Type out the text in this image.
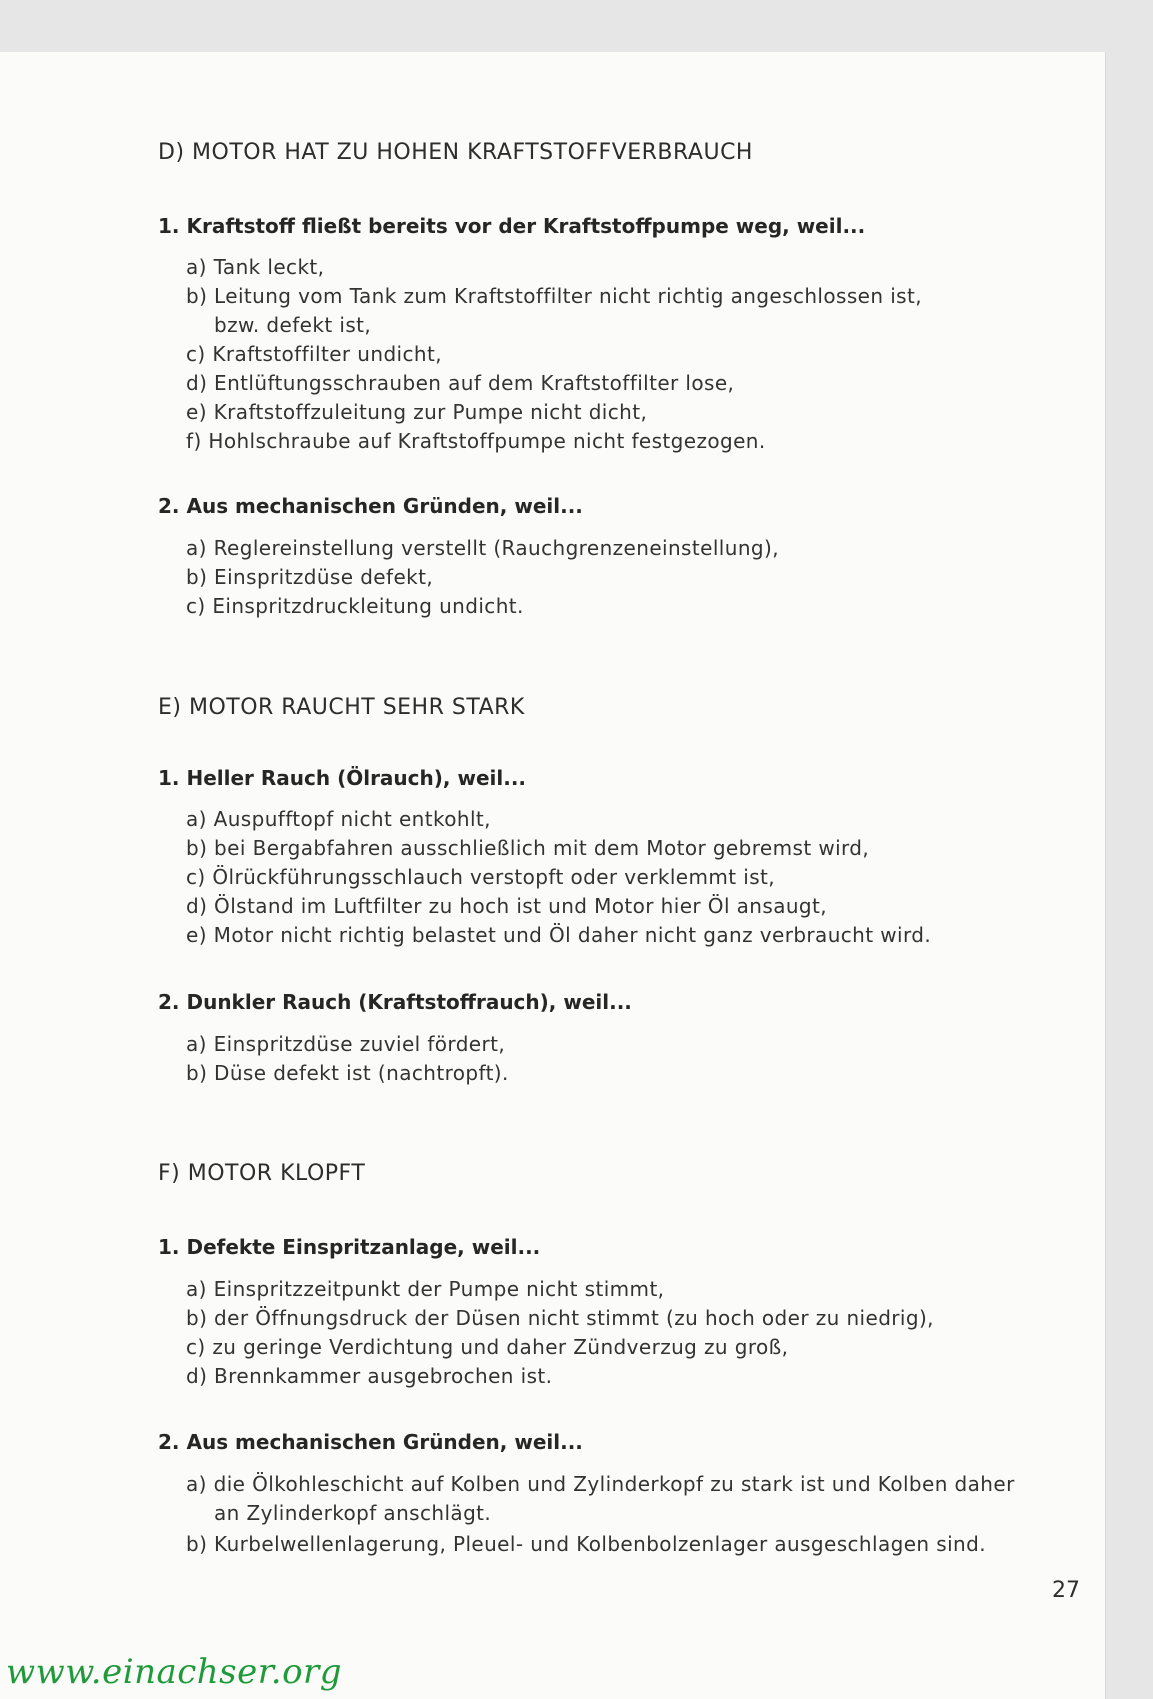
D) MOTOR HAT ZU HOHEN KRAFTSTOFFVERBRAUCH
1. Kraftstoff fließt bereits vor der Kraftstoffpumpe weg, weil...
a) Tank leckt,
b) Leitung vom Tank zum Kraftstoffilter nicht richtig angeschlossen ist,
bzw. defekt ist,
c) Kraftstoffilter undicht,
d) Entlüftungsschrauben auf dem Kraftstoffilter lose,
e) Kraftstoffzuleitung zur Pumpe nicht dicht,
f) Hohlschraube auf Kraftstoffpumpe nicht festgezogen.
2. Aus mechanischen Gründen, weil...
a) Reglereinstellung verstellt (Rauchgrenzeneinstellung),
b) Einspritzdüse defekt,
c) Einspritzdruckleitung undicht.
E) MOTOR RAUCHT SEHR STARK
1. Heller Rauch (Ölrauch), weil...
a) Auspufftopf nicht entkohlt,
b) bei Bergabfahren ausschließlich mit dem Motor gebremst wird,
c) Ölrückführungsschlauch verstopft oder verklemmt ist,
d) Ölstand im Luftfilter zu hoch ist und Motor hier Öl ansaugt,
e) Motor nicht richtig belastet und Öl daher nicht ganz verbraucht wird.
2. Dunkler Rauch (Kraftstoffrauch), weil...
a) Einspritzdüse zuviel fördert,
b) Düse defekt ist (nachtropft).
F) MOTOR KLOPFT
1. Defekte Einspritzanlage, weil...
a) Einspritzzeitpunkt der Pumpe nicht stimmt,
b) der Öffnungsdruck der Düsen nicht stimmt (zu hoch oder zu niedrig),
c) zu geringe Verdichtung und daher Zündverzug zu groß,
d) Brennkammer ausgebrochen ist.
2. Aus mechanischen Gründen, weil...
a) die Ölkohleschicht auf Kolben und Zylinderkopf zu stark ist und Kolben daher
an Zylinderkopf anschlägt.
b) Kurbelwellenlagerung, Pleuel- und Kolbenbolzenlager ausgeschlagen sind.
27
www.einachser.org
